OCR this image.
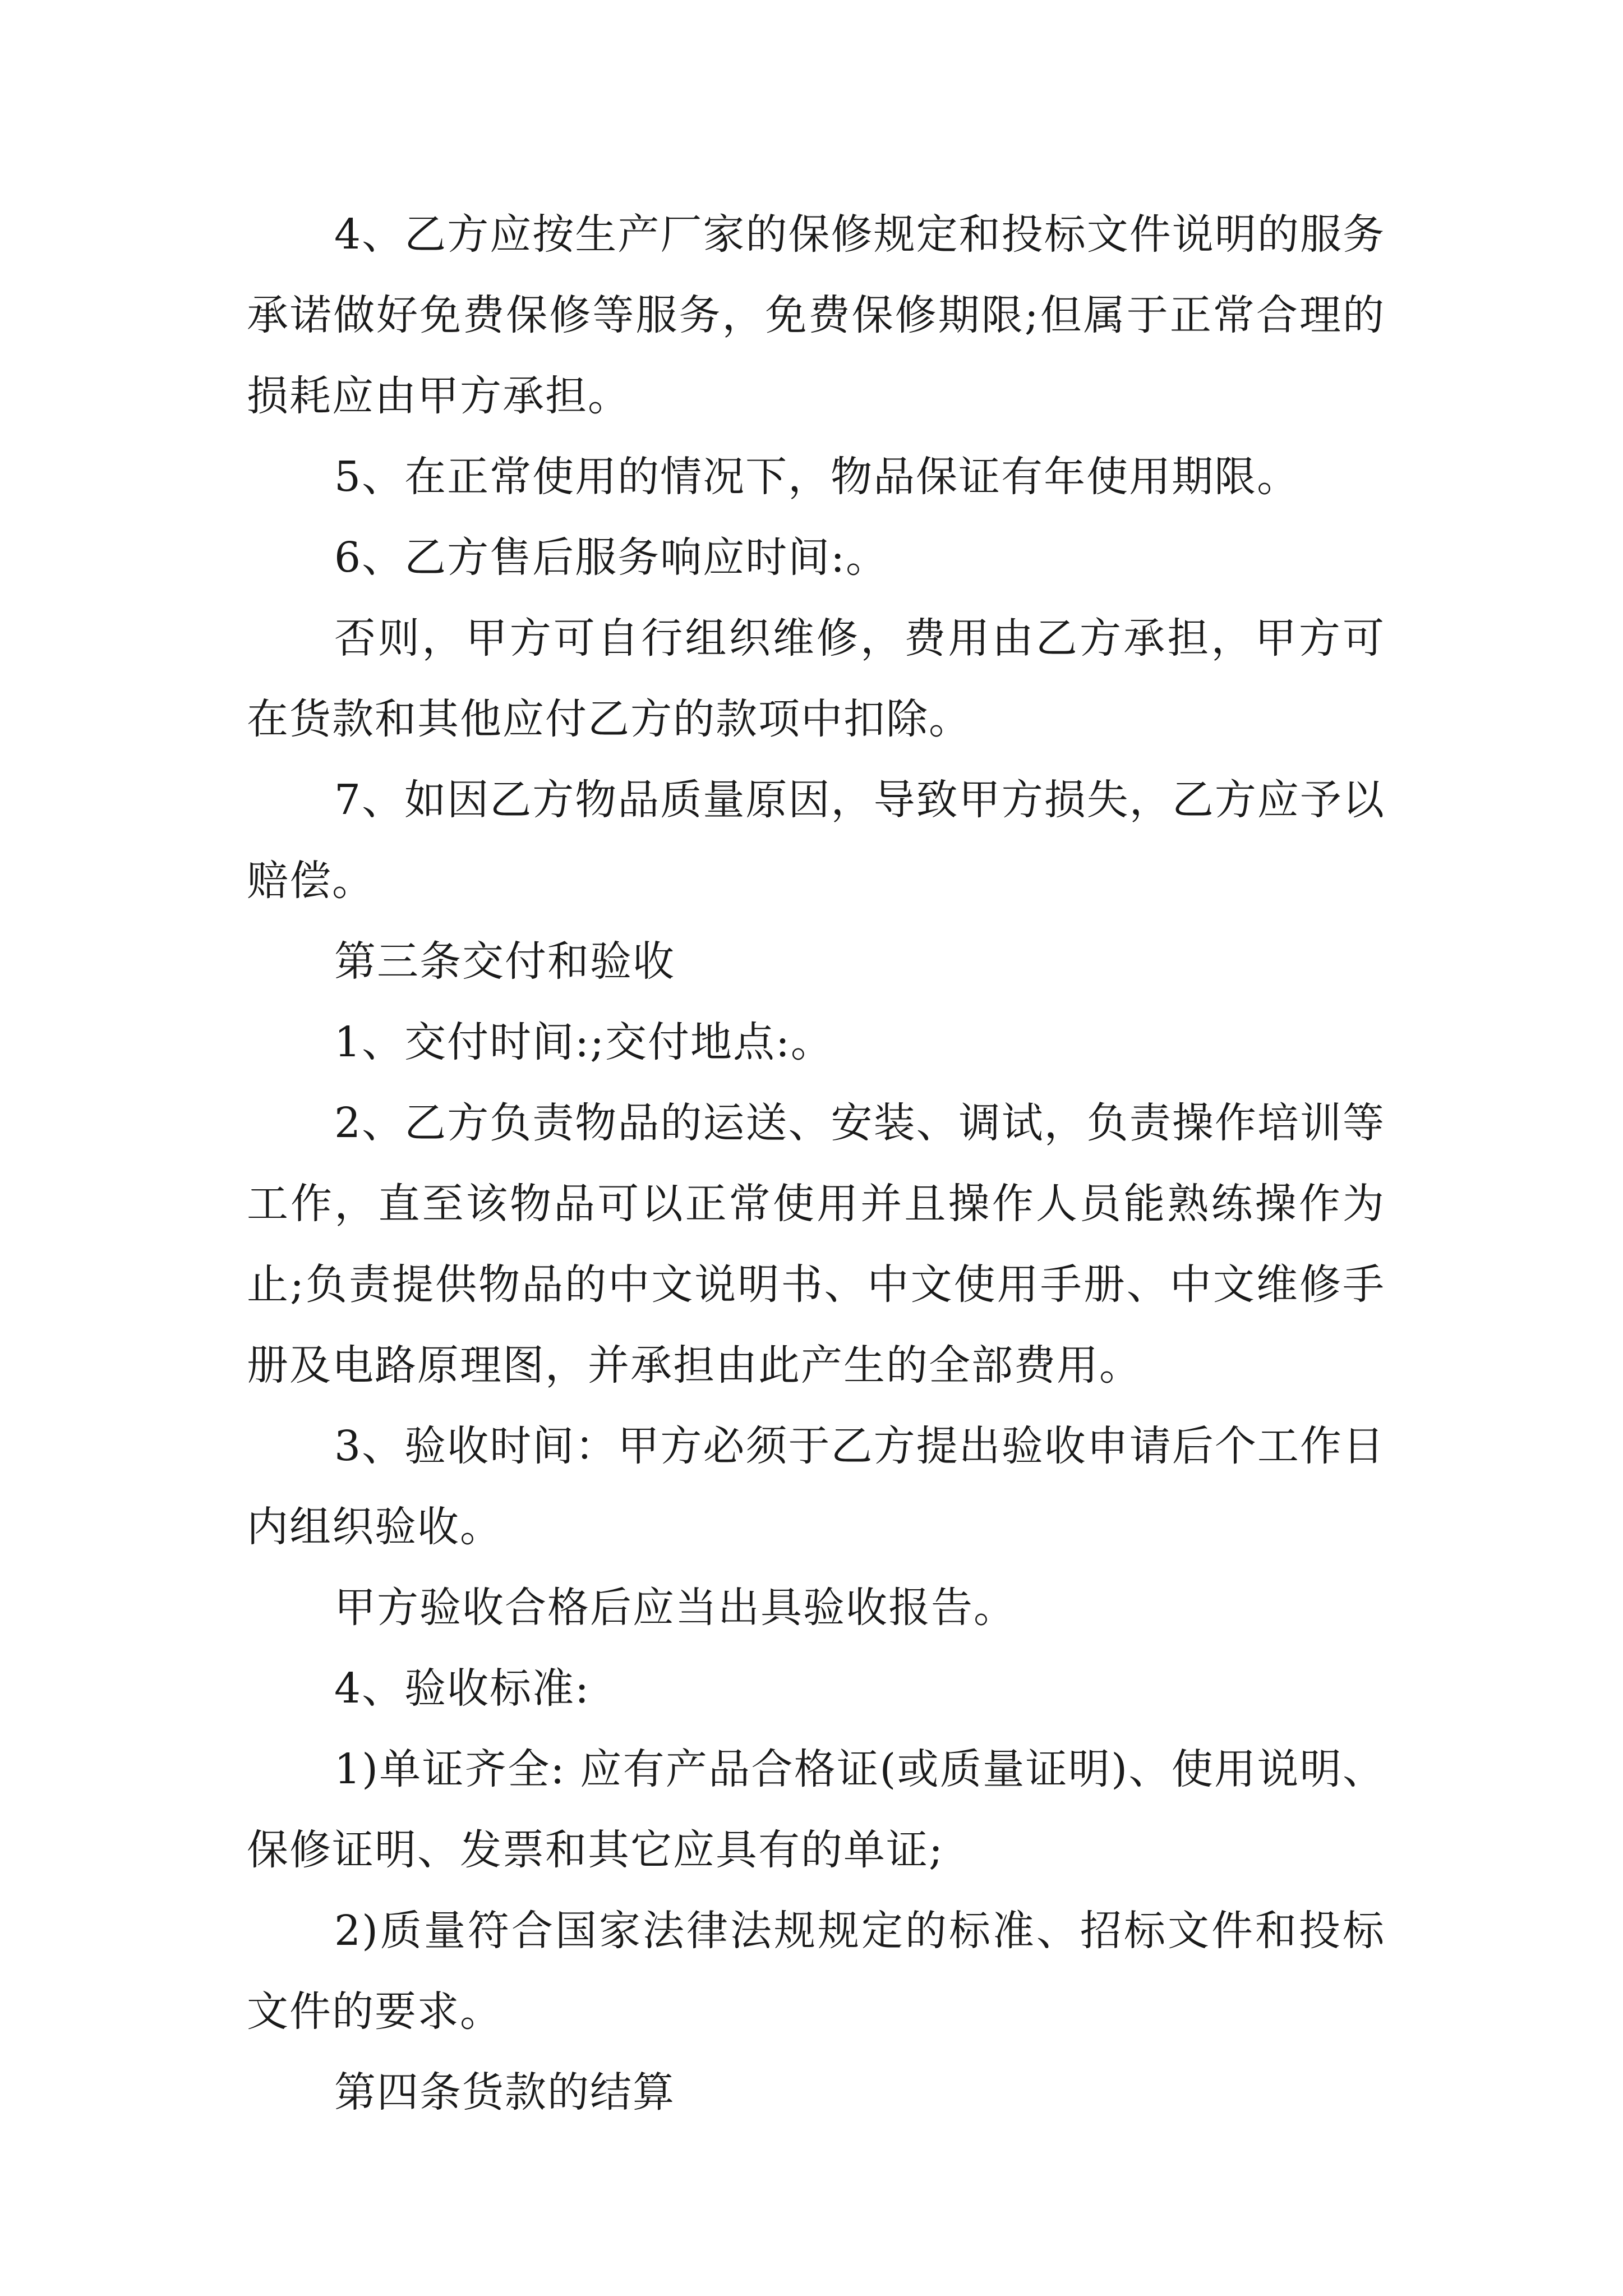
4、乙方应按生产厂家的保修规定和投标文件说明的服务承诺做好免费保修等服务，免费保修期限;但属于正常合理的损耗应由甲方承担。

5、在正常使用的情况下，物品保证有年使用期限。

6、乙方售后服务响应时间:。

否则，甲方可自行组织维修，费用由乙方承担，甲方可在货款和其他应付乙方的款项中扣除。

7、如因乙方物品质量原因，导致甲方损失，乙方应予以赔偿。

第三条交付和验收

1、交付时间:;交付地点:。

2、乙方负责物品的运送、安装、调试，负责操作培训等工作，直至该物品可以正常使用并且操作人员能熟练操作为止;负责提供物品的中文说明书、中文使用手册、中文维修手册及电路原理图，并承担由此产生的全部费用。

3、验收时间：甲方必须于乙方提出验收申请后个工作日内组织验收。

甲方验收合格后应当出具验收报告。

4、验收标准:

1)单证齐全: 应有产品合格证(或质量证明)、使用说明、保修证明、发票和其它应具有的单证;

2)质量符合国家法律法规规定的标准、招标文件和投标文件的要求。

第四条货款的结算
